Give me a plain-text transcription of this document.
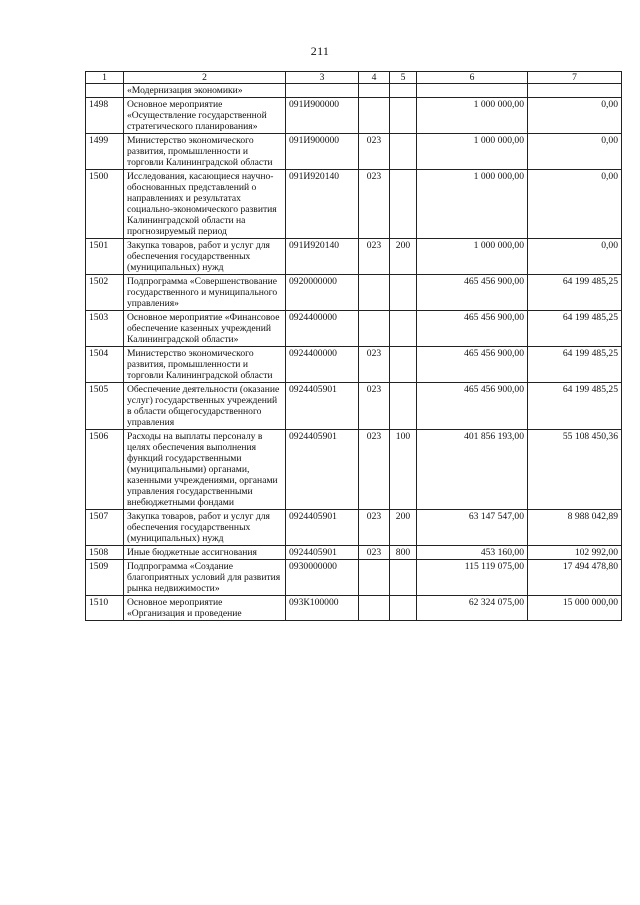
211
1	2	3	4	5	6	7
	«Модернизация экономики»					
1498	Основное мероприятие «Осуществление государственной стратегического планирования»	091И900000			1 000 000,00	0,00
1499	Министерство экономического развития, промышленности и торговли Калининградской области	091И900000	023		1 000 000,00	0,00
1500	Исследования, касающиеся научно-обоснованных представлений о направлениях и результатах социально-экономического развития Калининградской области на прогнозируемый период	091И920140	023		1 000 000,00	0,00
1501	Закупка товаров, работ и услуг для обеспечения государственных (муниципальных) нужд	091И920140	023	200	1 000 000,00	0,00
1502	Подпрограмма «Совершенствование государственного и муниципального управления»	0920000000			465 456 900,00	64 199 485,25
1503	Основное мероприятие «Финансовое обеспечение казенных учреждений Калининградской области»	0924400000			465 456 900,00	64 199 485,25
1504	Министерство экономического развития, промышленности и торговли Калининградской области	0924400000	023		465 456 900,00	64 199 485,25
1505	Обеспечение деятельности (оказание услуг) государственных учреждений в области общегосударственного управления	0924405901	023		465 456 900,00	64 199 485,25
1506	Расходы на выплаты персоналу в целях обеспечения выполнения функций государственными (муниципальными) органами, казенными учреждениями, органами управления государственными внебюджетными фондами	0924405901	023	100	401 856 193,00	55 108 450,36
1507	Закупка товаров, работ и услуг для обеспечения государственных (муниципальных) нужд	0924405901	023	200	63 147 547,00	8 988 042,89
1508	Иные бюджетные ассигнования	0924405901	023	800	453 160,00	102 992,00
1509	Подпрограмма «Создание благоприятных условий для развития рынка недвижимости»	0930000000			115 119 075,00	17 494 478,80
1510	Основное мероприятие «Организация и проведение	093К100000			62 324 075,00	15 000 000,00
